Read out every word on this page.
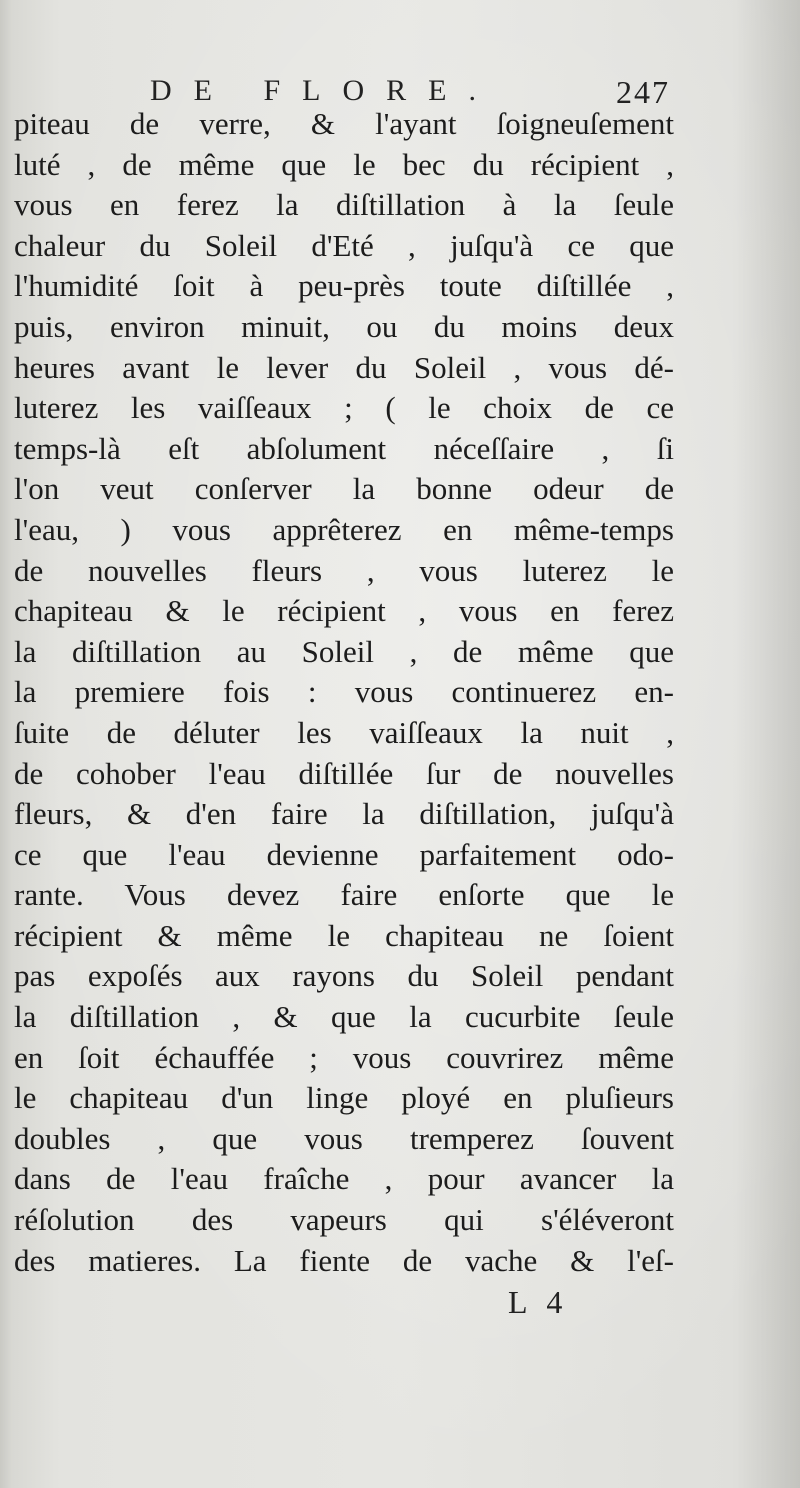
DE FLORE.	247
piteau de verre, & l'ayant ſoigneuſement
luté , de même que le bec du récipient ,
vous en ferez la diſtillation à la ſeule
chaleur du Soleil d'Eté , juſqu'à ce que
l'humidité ſoit à peu-près toute diſtillée ,
puis, environ minuit, ou du moins deux
heures avant le lever du Soleil , vous dé-
luterez les vaiſſeaux ; ( le choix de ce
temps-là eſt abſolument néceſſaire , ſi
l'on veut conſerver la bonne odeur de
l'eau, ) vous apprêterez en même-temps
de nouvelles fleurs , vous luterez le
chapiteau & le récipient , vous en ferez
la diſtillation au Soleil , de même que
la premiere fois : vous continuerez en-
ſuite de déluter les vaiſſeaux la nuit ,
de cohober l'eau diſtillée ſur de nouvelles
fleurs, & d'en faire la diſtillation, juſqu'à
ce que l'eau devienne parfaitement odo-
rante. Vous devez faire enſorte que le
récipient & même le chapiteau ne ſoient
pas expoſés aux rayons du Soleil pendant
la diſtillation , & que la cucurbite ſeule
en ſoit échauffée ; vous couvrirez même
le chapiteau d'un linge ployé en pluſieurs
doubles , que vous tremperez ſouvent
dans de l'eau fraîche , pour avancer la
réſolution des vapeurs qui s'éléveront
des matieres. La fiente de vache & l'eſ-
L 4
